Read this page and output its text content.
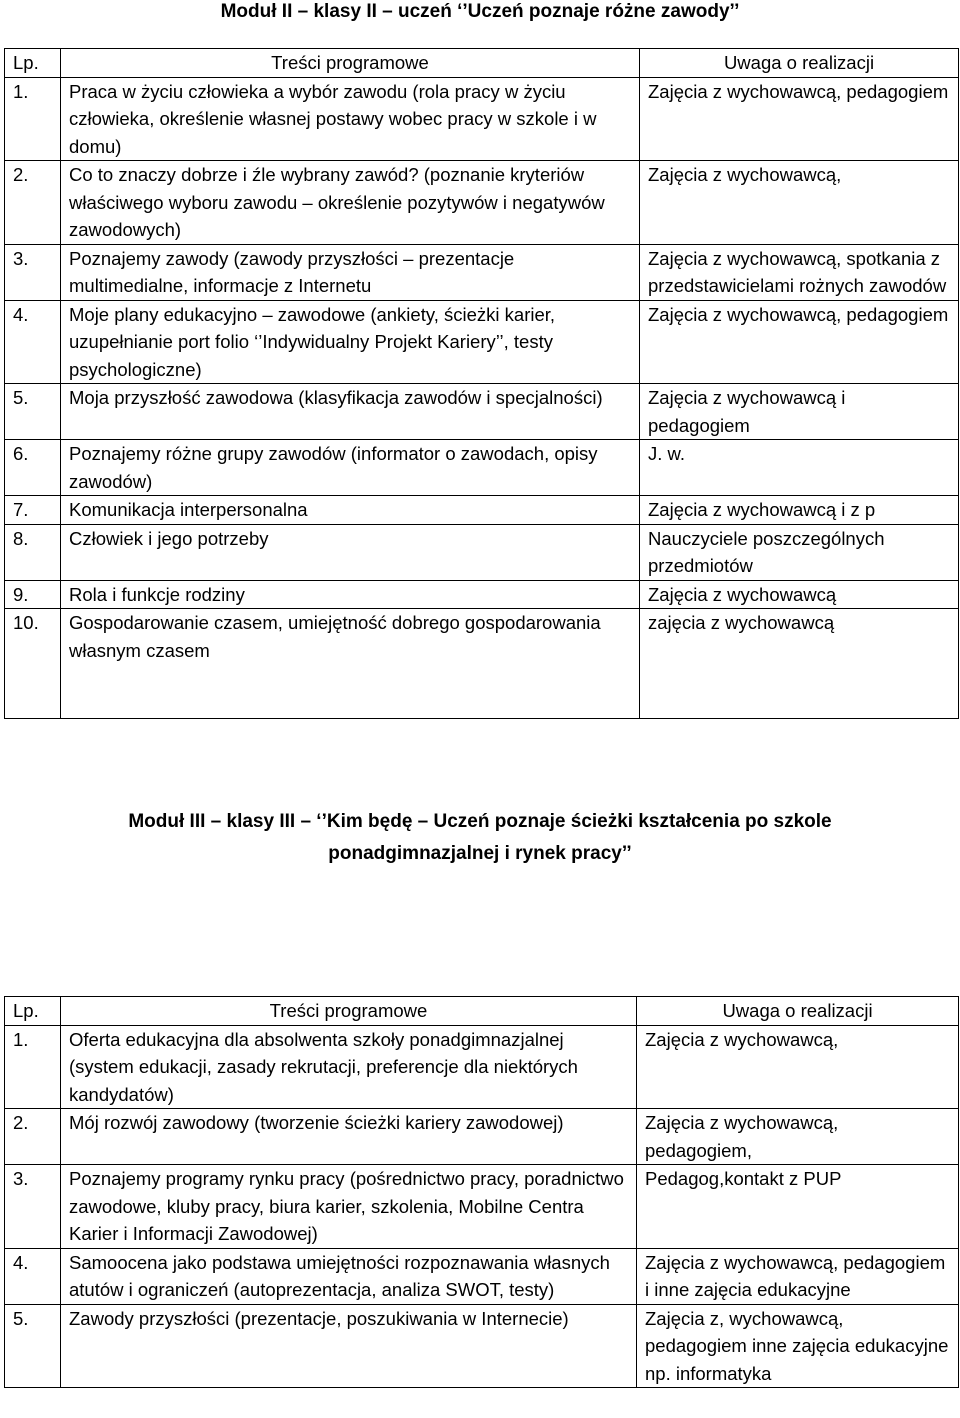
Moduł II – klasy II – uczeń ‘’Uczeń poznaje różne zawody’’
Lp.	Treści programowe	Uwaga o realizacji
1.	Praca w życiu człowieka a wybór zawodu (rola pracy w życiu człowieka, określenie własnej postawy wobec pracy w szkole i w domu)	Zajęcia z wychowawcą, pedagogiem
2.	Co to znaczy dobrze i źle wybrany zawód? (poznanie kryteriów właściwego wyboru zawodu – określenie pozytywów i negatywów zawodowych)	Zajęcia z wychowawcą,
3.	Poznajemy zawody (zawody przyszłości – prezentacje multimedialne, informacje z Internetu	Zajęcia z wychowawcą, spotkania z przedstawicielami rożnych zawodów
4.	Moje plany edukacyjno – zawodowe (ankiety, ścieżki karier, uzupełnianie port folio ‘’Indywidualny Projekt Kariery’’, testy psychologiczne)	Zajęcia z wychowawcą, pedagogiem
5.	Moja przyszłość zawodowa (klasyfikacja zawodów i specjalności)	Zajęcia z wychowawcą i pedagogiem
6.	Poznajemy różne grupy zawodów (informator o zawodach, opisy zawodów)	J. w.
7.	Komunikacja interpersonalna	Zajęcia z wychowawcą i z p
8.	Człowiek i jego potrzeby	Nauczyciele poszczególnych przedmiotów
9.	Rola i funkcje rodziny	Zajęcia z wychowawcą
10.	Gospodarowanie czasem, umiejętność dobrego gospodarowania własnym czasem	zajęcia z wychowawcą
Moduł III – klasy III – ‘’Kim będę – Uczeń poznaje ścieżki kształcenia po szkole
ponadgimnazjalnej i rynek pracy’’
Lp.	Treści programowe	Uwaga o realizacji
1.	Oferta edukacyjna dla absolwenta szkoły ponadgimnazjalnej (system edukacji, zasady rekrutacji, preferencje dla niektórych kandydatów)	Zajęcia z wychowawcą,
2.	Mój rozwój zawodowy (tworzenie ścieżki kariery zawodowej)	Zajęcia z wychowawcą, pedagogiem,
3.	Poznajemy programy rynku pracy (pośrednictwo pracy, poradnictwo zawodowe, kluby pracy, biura karier, szkolenia, Mobilne Centra Karier i Informacji Zawodowej)	Pedagog,kontakt z PUP
4.	Samoocena jako podstawa umiejętności rozpoznawania własnych atutów i ograniczeń (autoprezentacja, analiza SWOT, testy)	Zajęcia z wychowawcą, pedagogiem i inne zajęcia edukacyjne
5.	Zawody przyszłości (prezentacje, poszukiwania w Internecie)	Zajęcia z, wychowawcą, pedagogiem inne zajęcia edukacyjne np. informatyka
